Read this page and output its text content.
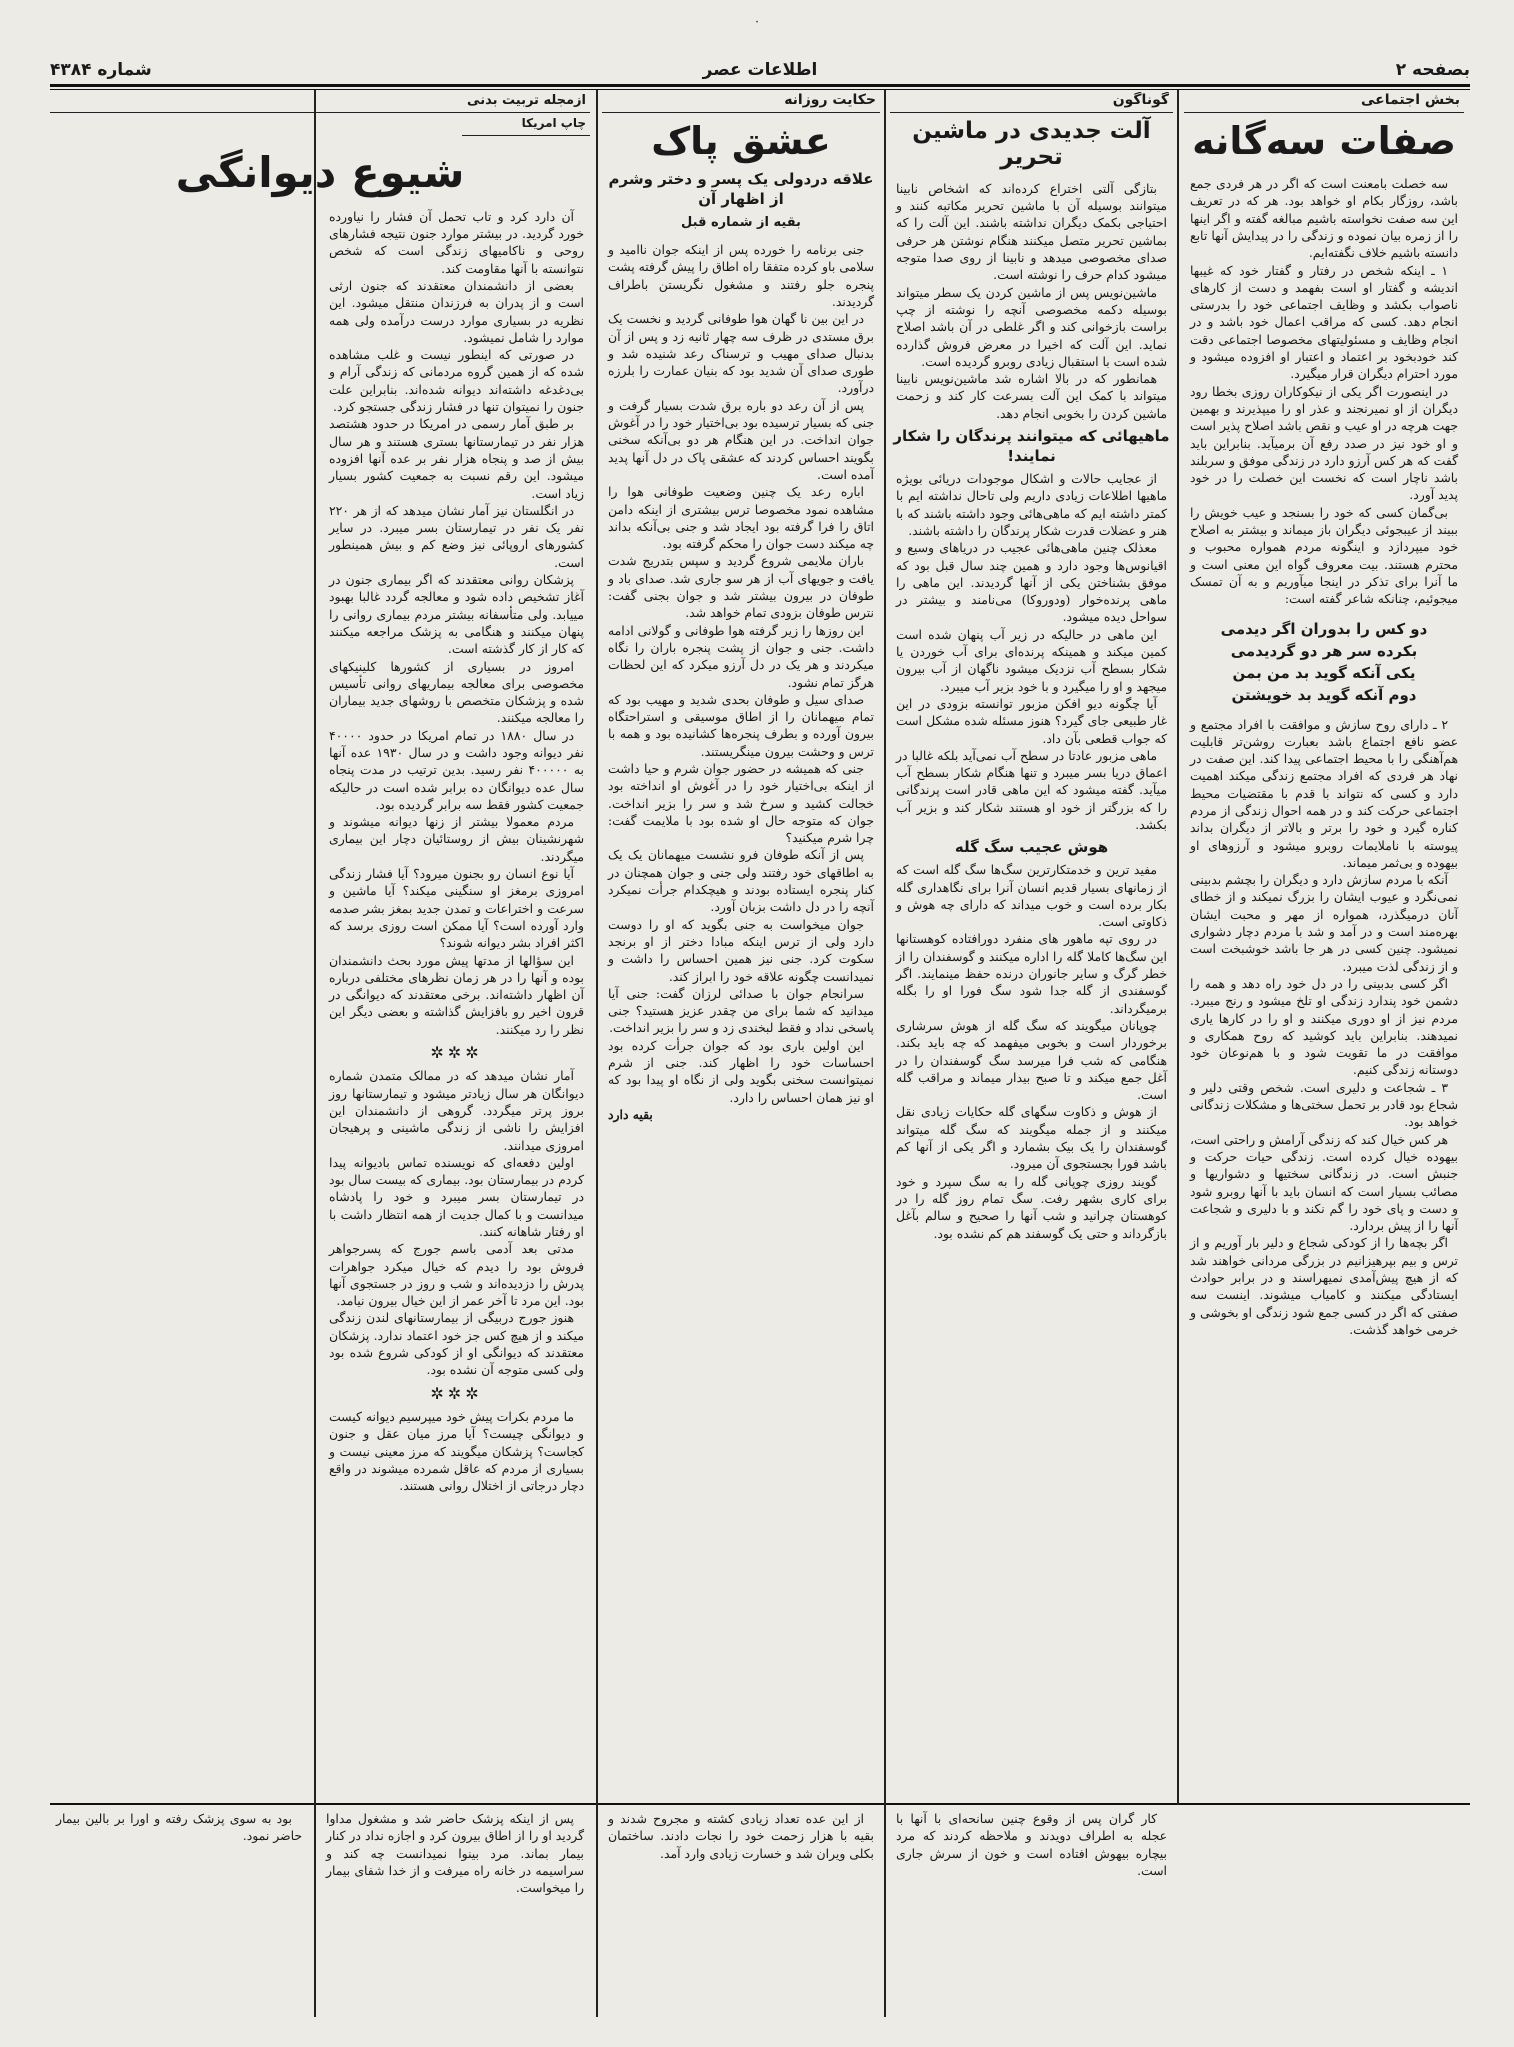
بصفحه ۲
اطلاعات عصر
شماره ۴۳۸۴
۰
بخش اجتماعی
صفات سه‌گانه

سه خصلت بامعنت است که اگر در هر فردی جمع باشد، روزگار بکام او خواهد بود. هر که در تعریف این سه صفت نخواسته باشیم مبالغه گفته و اگر اینها را از زمره بیان نموده و زندگی را در پیدایش آنها تابع دانسته باشیم خلاف نگفته‌ایم.

۱ ـ اینکه شخص در رفتار و گفتار خود که غیبها اندیشه و گفتار او است بفهمد و دست از کارهای ناصواب بکشد و وظایف اجتماعی خود را بدرستی انجام دهد. کسی که مراقب اعمال خود باشد و در انجام وظایف و مسئولیتهای مخصوصا اجتماعی دقت کند خودبخود بر اعتماد و اعتبار او افزوده میشود و مورد احترام دیگران قرار میگیرد.

در اینصورت اگر یکی از نیکوکاران روزی بخطا رود دیگران از او نمیرنجند و عذر او را میپذیرند و بهمین جهت هرچه در او عیب و نقص باشد اصلاح پذیر است و او خود نیز در صدد رفع آن برمیآید. بنابراین باید گفت که هر کس آرزو دارد در زندگی موفق و سربلند باشد ناچار است که نخست این خصلت را در خود پدید آورد.

بی‌گمان کسی که خود را بسنجد و عیب خویش را ببیند از عیبجوئی دیگران باز میماند و بیشتر به اصلاح خود میپردازد و اینگونه مردم همواره محبوب و محترم هستند. بیت معروف گواه این معنی است و ما آنرا برای تذکر در اینجا میآوریم و به آن تمسک میجوئیم، چنانکه شاعر گفته است:

دو کس را بدوران اگر دیدمی
بکرده سر هر دو گردیدمی
یکی آنکه گوید بد من بمن
دوم آنکه گوید بد خویشتن

۲ ـ دارای روح سازش و موافقت با افراد مجتمع و عضو نافع اجتماع باشد بعبارت روشن‌تر قابلیت هم‌آهنگی را با محیط اجتماعی پیدا کند. این صفت در نهاد هر فردی که افراد مجتمع زندگی میکند اهمیت دارد و کسی که نتواند با قدم با مقتضیات محیط اجتماعی حرکت کند و در همه احوال زندگی از مردم کناره گیرد و خود را برتر و بالاتر از دیگران بداند پیوسته با ناملایمات روبرو میشود و آرزوهای او بیهوده و بی‌ثمر میماند.

آنکه با مردم سازش دارد و دیگران را بچشم بدبینی نمی‌نگرد و عیوب ایشان را بزرگ نمیکند و از خطای آنان درمیگذرد، همواره از مهر و محبت ایشان بهره‌مند است و در آمد و شد با مردم دچار دشواری نمیشود. چنین کسی در هر جا باشد خوشبخت است و از زندگی لذت میبرد.

اگر کسی بدبینی را در دل خود راه دهد و همه را دشمن خود پندارد زندگی او تلخ میشود و رنج میبرد. مردم نیز از او دوری میکنند و او را در کارها یاری نمیدهند. بنابراین باید کوشید که روح همکاری و موافقت در ما تقویت شود و با هم‌نوعان خود دوستانه زندگی کنیم.

۳ ـ شجاعت و دلیری است. شخص وقتی دلیر و شجاع بود قادر بر تحمل سختی‌ها و مشکلات زندگانی خواهد بود.

هر کس خیال کند که زندگی آرامش و راحتی است، بیهوده خیال کرده است. زندگی حیات حرکت و جنبش است. در زندگانی سختیها و دشواریها و مصائب بسیار است که انسان باید با آنها روبرو شود و دست و پای خود را گم نکند و با دلیری و شجاعت آنها را از پیش بردارد.

اگر بچه‌ها را از کودکی شجاع و دلیر بار آوریم و از ترس و بیم بپرهیزانیم در بزرگی مردانی خواهند شد که از هیچ پیش‌آمدی نمیهراسند و در برابر حوادث ایستادگی میکنند و کامیاب میشوند. اینست سه صفتی که اگر در کسی جمع شود زندگی او بخوشی و خرمی خواهد گذشت.

گوناگون
آلت جدیدی در ماشین تحریر

بتازگی آلتی اختراع کرده‌اند که اشخاص نابینا میتوانند بوسیله آن با ماشین تحریر مکاتبه کنند و احتیاجی بکمک دیگران نداشته باشند. این آلت را که بماشین تحریر متصل میکنند هنگام نوشتن هر حرفی صدای مخصوصی میدهد و نابینا از روی صدا متوجه میشود کدام حرف را نوشته است.

ماشین‌نویس پس از ماشین کردن یک سطر میتواند بوسیله دکمه مخصوصی آنچه را نوشته از چپ براست بازخوانی کند و اگر غلطی در آن باشد اصلاح نماید. این آلت که اخیرا در معرض فروش گذارده شده است با استقبال زیادی روبرو گردیده است.

همانطور که در بالا اشاره شد ماشین‌نویس نابینا میتواند با کمک این آلت بسرعت کار کند و زحمت ماشین کردن را بخوبی انجام دهد.

ماهیهائی که میتوانند پرندگان را شکار نمایند!

از عجایب حالات و اشکال موجودات دریائی بویژه ماهیها اطلاعات زیادی داریم ولی تاحال نداشته ایم با کمتر داشته ایم که ماهی‌هائی وجود داشته باشند که با هنر و عضلات قدرت شکار پرندگان را داشته باشند.

معذلک چنین ماهی‌هائی عجیب در دریاهای وسیع و اقیانوس‌ها وجود دارد و همین چند سال قبل بود که موفق بشناختن یکی از آنها گردیدند. این ماهی را ماهی پرنده‌خوار (ودوروکا) می‌نامند و بیشتر در سواحل دیده میشود.

این ماهی در حالیکه در زیر آب پنهان شده است کمین میکند و همینکه پرنده‌ای برای آب خوردن یا شکار بسطح آب نزدیک میشود ناگهان از آب بیرون میجهد و او را میگیرد و با خود بزیر آب میبرد.

آیا چگونه دیو افکن مزبور توانسته بزودی در این غار طبیعی جای گیرد؟ هنوز مسئله شده مشکل است که جواب قطعی بآن داد.

ماهی مزبور عادتا در سطح آب نمی‌آید بلکه غالبا در اعماق دریا بسر میبرد و تنها هنگام شکار بسطح آب میآید. گفته میشود که این ماهی قادر است پرندگانی را که بزرگتر از خود او هستند شکار کند و بزیر آب بکشد.

هوش عجیب سگ گله

مفید ترین و خدمتکارترین سگ‌ها سگ گله است که از زمانهای بسیار قدیم انسان آنرا برای نگاهداری گله بکار برده است و خوب میداند که دارای چه هوش و ذکاوتی است.

در روی تپه ماهور های منفرد دورافتاده کوهستانها این سگ‌ها کاملا گله را اداره میکنند و گوسفندان را از خطر گرگ و سایر جانوران درنده حفظ مینمایند. اگر گوسفندی از گله جدا شود سگ فورا او را بگله برمیگرداند.

چوپانان میگویند که سگ گله از هوش سرشاری برخوردار است و بخوبی میفهمد که چه باید بکند. هنگامی که شب فرا میرسد سگ گوسفندان را در آغل جمع میکند و تا صبح بیدار میماند و مراقب گله است.

از هوش و ذکاوت سگهای گله حکایات زیادی نقل میکنند و از جمله میگویند که سگ گله میتواند گوسفندان را یک بیک بشمارد و اگر یکی از آنها کم باشد فورا بجستجوی آن میرود.

گویند روزی چوپانی گله را به سگ سپرد و خود برای کاری بشهر رفت. سگ تمام روز گله را در کوهستان چرانید و شب آنها را صحیح و سالم بآغل بازگرداند و حتی یک گوسفند هم کم نشده بود.

حکایت روزانه
عشق پاک
علاقه دردولی یک پسر و دختر وشرم از اظهار آن
بقیه از شماره قبل

جنی برنامه را خورده پس از اینکه جوان ناامید و سلامی باو کرده متفقا راه اطاق را پیش گرفته پشت پنجره جلو رفتند و مشغول نگریستن باطراف گردیدند.

در این بین نا گهان هوا طوفانی گردید و نخست یک برق مستدی در ظرف سه چهار ثانیه زد و پس از آن بدنبال صدای مهیب و ترسناک رعد شنیده شد و طوری صدای آن شدید بود که بنیان عمارت را بلرزه درآورد.

پس از آن رعد دو باره برق شدت بسیار گرفت و جنی که بسیار ترسیده بود بی‌اختیار خود را در آغوش جوان انداخت. در این هنگام هر دو بی‌آنکه سخنی بگویند احساس کردند که عشقی پاک در دل آنها پدید آمده است.

اباره رعد یک چنین وضعیت طوفانی هوا را مشاهده نمود مخصوصا ترس بیشتری از اینکه دامن اتاق را فرا گرفته بود ایجاد شد و جنی بی‌آنکه بداند چه میکند دست جوان را محکم گرفته بود.

باران ملایمی شروع گردید و سپس بتدریج شدت یافت و جویهای آب از هر سو جاری شد. صدای باد و طوفان در بیرون بیشتر شد و جوان بجنی گفت: نترس طوفان بزودی تمام خواهد شد.

این روزها را زیر گرفته هوا طوفانی و گولانی ادامه داشت. جنی و جوان از پشت پنجره باران را نگاه میکردند و هر یک در دل آرزو میکرد که این لحظات هرگز تمام نشود.

صدای سیل و طوفان بحدی شدید و مهیب بود که تمام میهمانان را از اطاق موسیقی و استراحتگاه بیرون آورده و بطرف پنجره‌ها کشانیده بود و همه با ترس و وحشت بیرون مینگریستند.

جنی که همیشه در حضور جوان شرم و حیا داشت از اینکه بی‌اختیار خود را در آغوش او انداخته بود خجالت کشید و سرخ شد و سر را بزیر انداخت. جوان که متوجه حال او شده بود با ملایمت گفت: چرا شرم میکنید؟

پس از آنکه طوفان فرو نشست میهمانان یک یک به اطاقهای خود رفتند ولی جنی و جوان همچنان در کنار پنجره ایستاده بودند و هیچکدام جرأت نمیکرد آنچه را در دل داشت بزبان آورد.

جوان میخواست به جنی بگوید که او را دوست دارد ولی از ترس اینکه مبادا دختر از او برنجد سکوت کرد. جنی نیز همین احساس را داشت و نمیدانست چگونه علاقه خود را ابراز کند.

سرانجام جوان با صدائی لرزان گفت: جنی آیا میدانید که شما برای من چقدر عزیز هستید؟ جنی پاسخی نداد و فقط لبخندی زد و سر را بزیر انداخت.

این اولین باری بود که جوان جرأت کرده بود احساسات خود را اظهار کند. جنی از شرم نمیتوانست سخنی بگوید ولی از نگاه او پیدا بود که او نیز همان احساس را دارد.

بقیه دارد
ازمجله تربیت بدنی
چاپ امریکا
شیوع دیوانگی

آن دارد کرد و تاب تحمل آن فشار را نیاورده خورد گردید. در بیشتر موارد جنون نتیجه فشارهای روحی و ناکامیهای زندگی است که شخص نتوانسته با آنها مقاومت کند.

بعضی از دانشمندان معتقدند که جنون ارثی است و از پدران به فرزندان منتقل میشود. این نظریه در بسیاری موارد درست درآمده ولی همه موارد را شامل نمیشود.

در صورتی که اینطور نیست و غلب مشاهده شده که از همین گروه مردمانی که زندگی آرام و بی‌دغدغه داشته‌اند دیوانه شده‌اند. بنابراین علت جنون را نمیتوان تنها در فشار زندگی جستجو کرد.

بر طبق آمار رسمی در امریکا در حدود هشتصد هزار نفر در تیمارستانها بستری هستند و هر سال بیش از صد و پنجاه هزار نفر بر عده آنها افزوده میشود. این رقم نسبت به جمعیت کشور بسیار زیاد است.

در انگلستان نیز آمار نشان میدهد که از هر ۲۲۰ نفر یک نفر در تیمارستان بسر میبرد. در سایر کشورهای اروپائی نیز وضع کم و بیش همینطور است.

پزشکان روانی معتقدند که اگر بیماری جنون در آغاز تشخیص داده شود و معالجه گردد غالبا بهبود مییابد. ولی متأسفانه بیشتر مردم بیماری روانی را پنهان میکنند و هنگامی به پزشک مراجعه میکنند که کار از کار گذشته است.

امروز در بسیاری از کشورها کلینیکهای مخصوصی برای معالجه بیماریهای روانی تأسیس شده و پزشکان متخصص با روشهای جدید بیماران را معالجه میکنند.

در سال ۱۸۸۰ در تمام امریکا در حدود ۴۰۰۰۰ نفر دیوانه وجود داشت و در سال ۱۹۳۰ عده آنها به ۴۰۰۰۰۰ نفر رسید. بدین ترتیب در مدت پنجاه سال عده دیوانگان ده برابر شده است در حالیکه جمعیت کشور فقط سه برابر گردیده بود.

مردم معمولا بیشتر از زنها دیوانه میشوند و شهرنشینان بیش از روستائیان دچار این بیماری میگردند.

آیا نوع انسان رو بجنون میرود؟ آیا فشار زندگی امروزی برمغز او سنگینی میکند؟ آیا ماشین و سرعت و اختراعات و تمدن جدید بمغز بشر صدمه وارد آورده است؟ آیا ممکن است روزی برسد که اکثر افراد بشر دیوانه شوند؟

این سؤالها از مدتها پیش مورد بحث دانشمندان بوده و آنها را در هر زمان نظرهای مختلفی درباره آن اظهار داشته‌اند. برخی معتقدند که دیوانگی در قرون اخیر رو بافزایش گذاشته و بعضی دیگر این نظر را رد میکنند.

✲✲✲

آمار نشان میدهد که در ممالک متمدن شماره دیوانگان هر سال زیادتر میشود و تیمارستانها روز بروز پرتر میگردد. گروهی از دانشمندان این افزایش را ناشی از زندگی ماشینی و پرهیجان امروزی میدانند.

اولین دفعه‌ای که نویسنده تماس بادیوانه پیدا کردم در بیمارستان بود. بیماری که بیست سال بود در تیمارستان بسر میبرد و خود را پادشاه میدانست و با کمال جدیت از همه انتظار داشت با او رفتار شاهانه کنند.

مدتی بعد آدمی باسم جورج که پسرجواهر فروش بود را دیدم که خیال میکرد جواهرات پدرش را دزدیده‌اند و شب و روز در جستجوی آنها بود. این مرد تا آخر عمر از این خیال بیرون نیامد.

هنوز جورج دربیگی از بیمارستانهای لندن زندگی میکند و از هیچ کس جز خود اعتماد ندارد. پزشکان معتقدند که دیوانگی او از کودکی شروع شده بود ولی کسی متوجه آن نشده بود.

✲✲✲

ما مردم بکرات پیش خود میپرسیم دیوانه کیست و دیوانگی چیست؟ آیا مرز میان عقل و جنون کجاست؟ پزشکان میگویند که مرز معینی نیست و بسیاری از مردم که عاقل شمرده میشوند در واقع دچار درجاتی از اختلال روانی هستند.

کار گران پس از وقوع چنین سانحه‌ای با آنها با عجله به اطراف دویدند و ملاحظه کردند که مرد بیچاره بیهوش افتاده است و خون از سرش جاری است.

از این عده تعداد زیادی کشته و مجروح شدند و بقیه با هزار زحمت خود را نجات دادند. ساختمان بکلی ویران شد و خسارت زیادی وارد آمد.

پس از اینکه پزشک حاضر شد و مشغول مداوا گردید او را از اطاق بیرون کرد و اجازه نداد در کنار بیمار بماند. مرد بینوا نمیدانست چه کند و سراسیمه در خانه راه میرفت و از خدا شفای بیمار را میخواست.

بود به سوی پزشک رفته و اورا بر بالین بیمار حاضر نمود.
